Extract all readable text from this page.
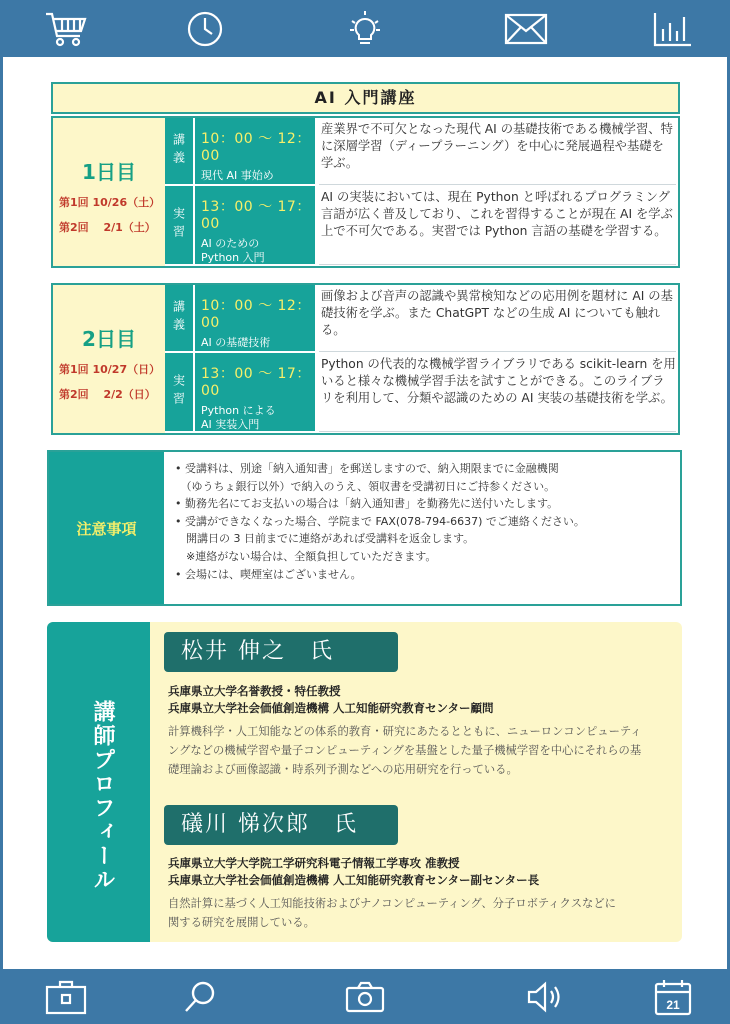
AI 入門講座
1日目
第1回 10/26（土）
第2回　 2/1（土）
講義	10：00 ～ 12：00
現代 AI 事始め
産業界で不可欠となった現代 AI の基礎技術である機械学習、特に深層学習（ディープラーニング）を中心に発展過程や基礎を学ぶ。
実習	13：00 ～ 17：00
AI のための
Python 入門
AI の実装においては、現在 Python と呼ばれるプログラミング言語が広く普及しており、これを習得することが現在 AI を学ぶ上で不可欠である。実習では Python 言語の基礎を学習する。
2日目
第1回 10/27（日）
第2回　 2/2（日）
講義	10：00 ～ 12：00
AI の基礎技術
画像および音声の認識や異常検知などの応用例を題材に AI の基礎技術を学ぶ。また ChatGPT などの生成 AI についても触れる。
実習	13：00 ～ 17：00
Python による
AI 実装入門
Python の代表的な機械学習ライブラリである scikit-learn を用いると様々な機械学習手法を試すことができる。このライブラリを利用して、分類や認識のための AI 実装の基礎技術を学ぶ。
注意事項

• 受講料は、別途「納入通知書」を郵送しますので、納入期限までに金融機関

　（ゆうちょ銀行以外）で納入のうえ、領収書を受講初日にご持参ください。

• 勤務先名にてお支払いの場合は「納入通知書」を勤務先に送付いたします。

• 受講ができなくなった場合、学院まで FAX(078-794-6637) でご連絡ください。

　開講日の 3 日前までに連絡があれば受講料を返金します。

　※連絡がない場合は、全額負担していただきます。

• 会場には、喫煙室はございません。

講師プロフィール
松井 伸之　氏
兵庫県立大学名誉教授・特任教授
兵庫県立大学社会価値創造機構 人工知能研究教育センター顧問
計算機科学・人工知能などの体系的教育・研究にあたるとともに、ニューロンコンピューティ
ングなどの機械学習や量子コンピューティングを基盤とした量子機械学習を中心にそれらの基
礎理論および画像認識・時系列予測などへの応用研究を行っている。
礒川 悌次郎　氏
兵庫県立大学大学院工学研究科電子情報工学専攻 准教授
兵庫県立大学社会価値創造機構 人工知能研究教育センター副センター長
自然計算に基づく人工知能技術およびナノコンピューティング、分子ロボティクスなどに
関する研究を展開している。
21
